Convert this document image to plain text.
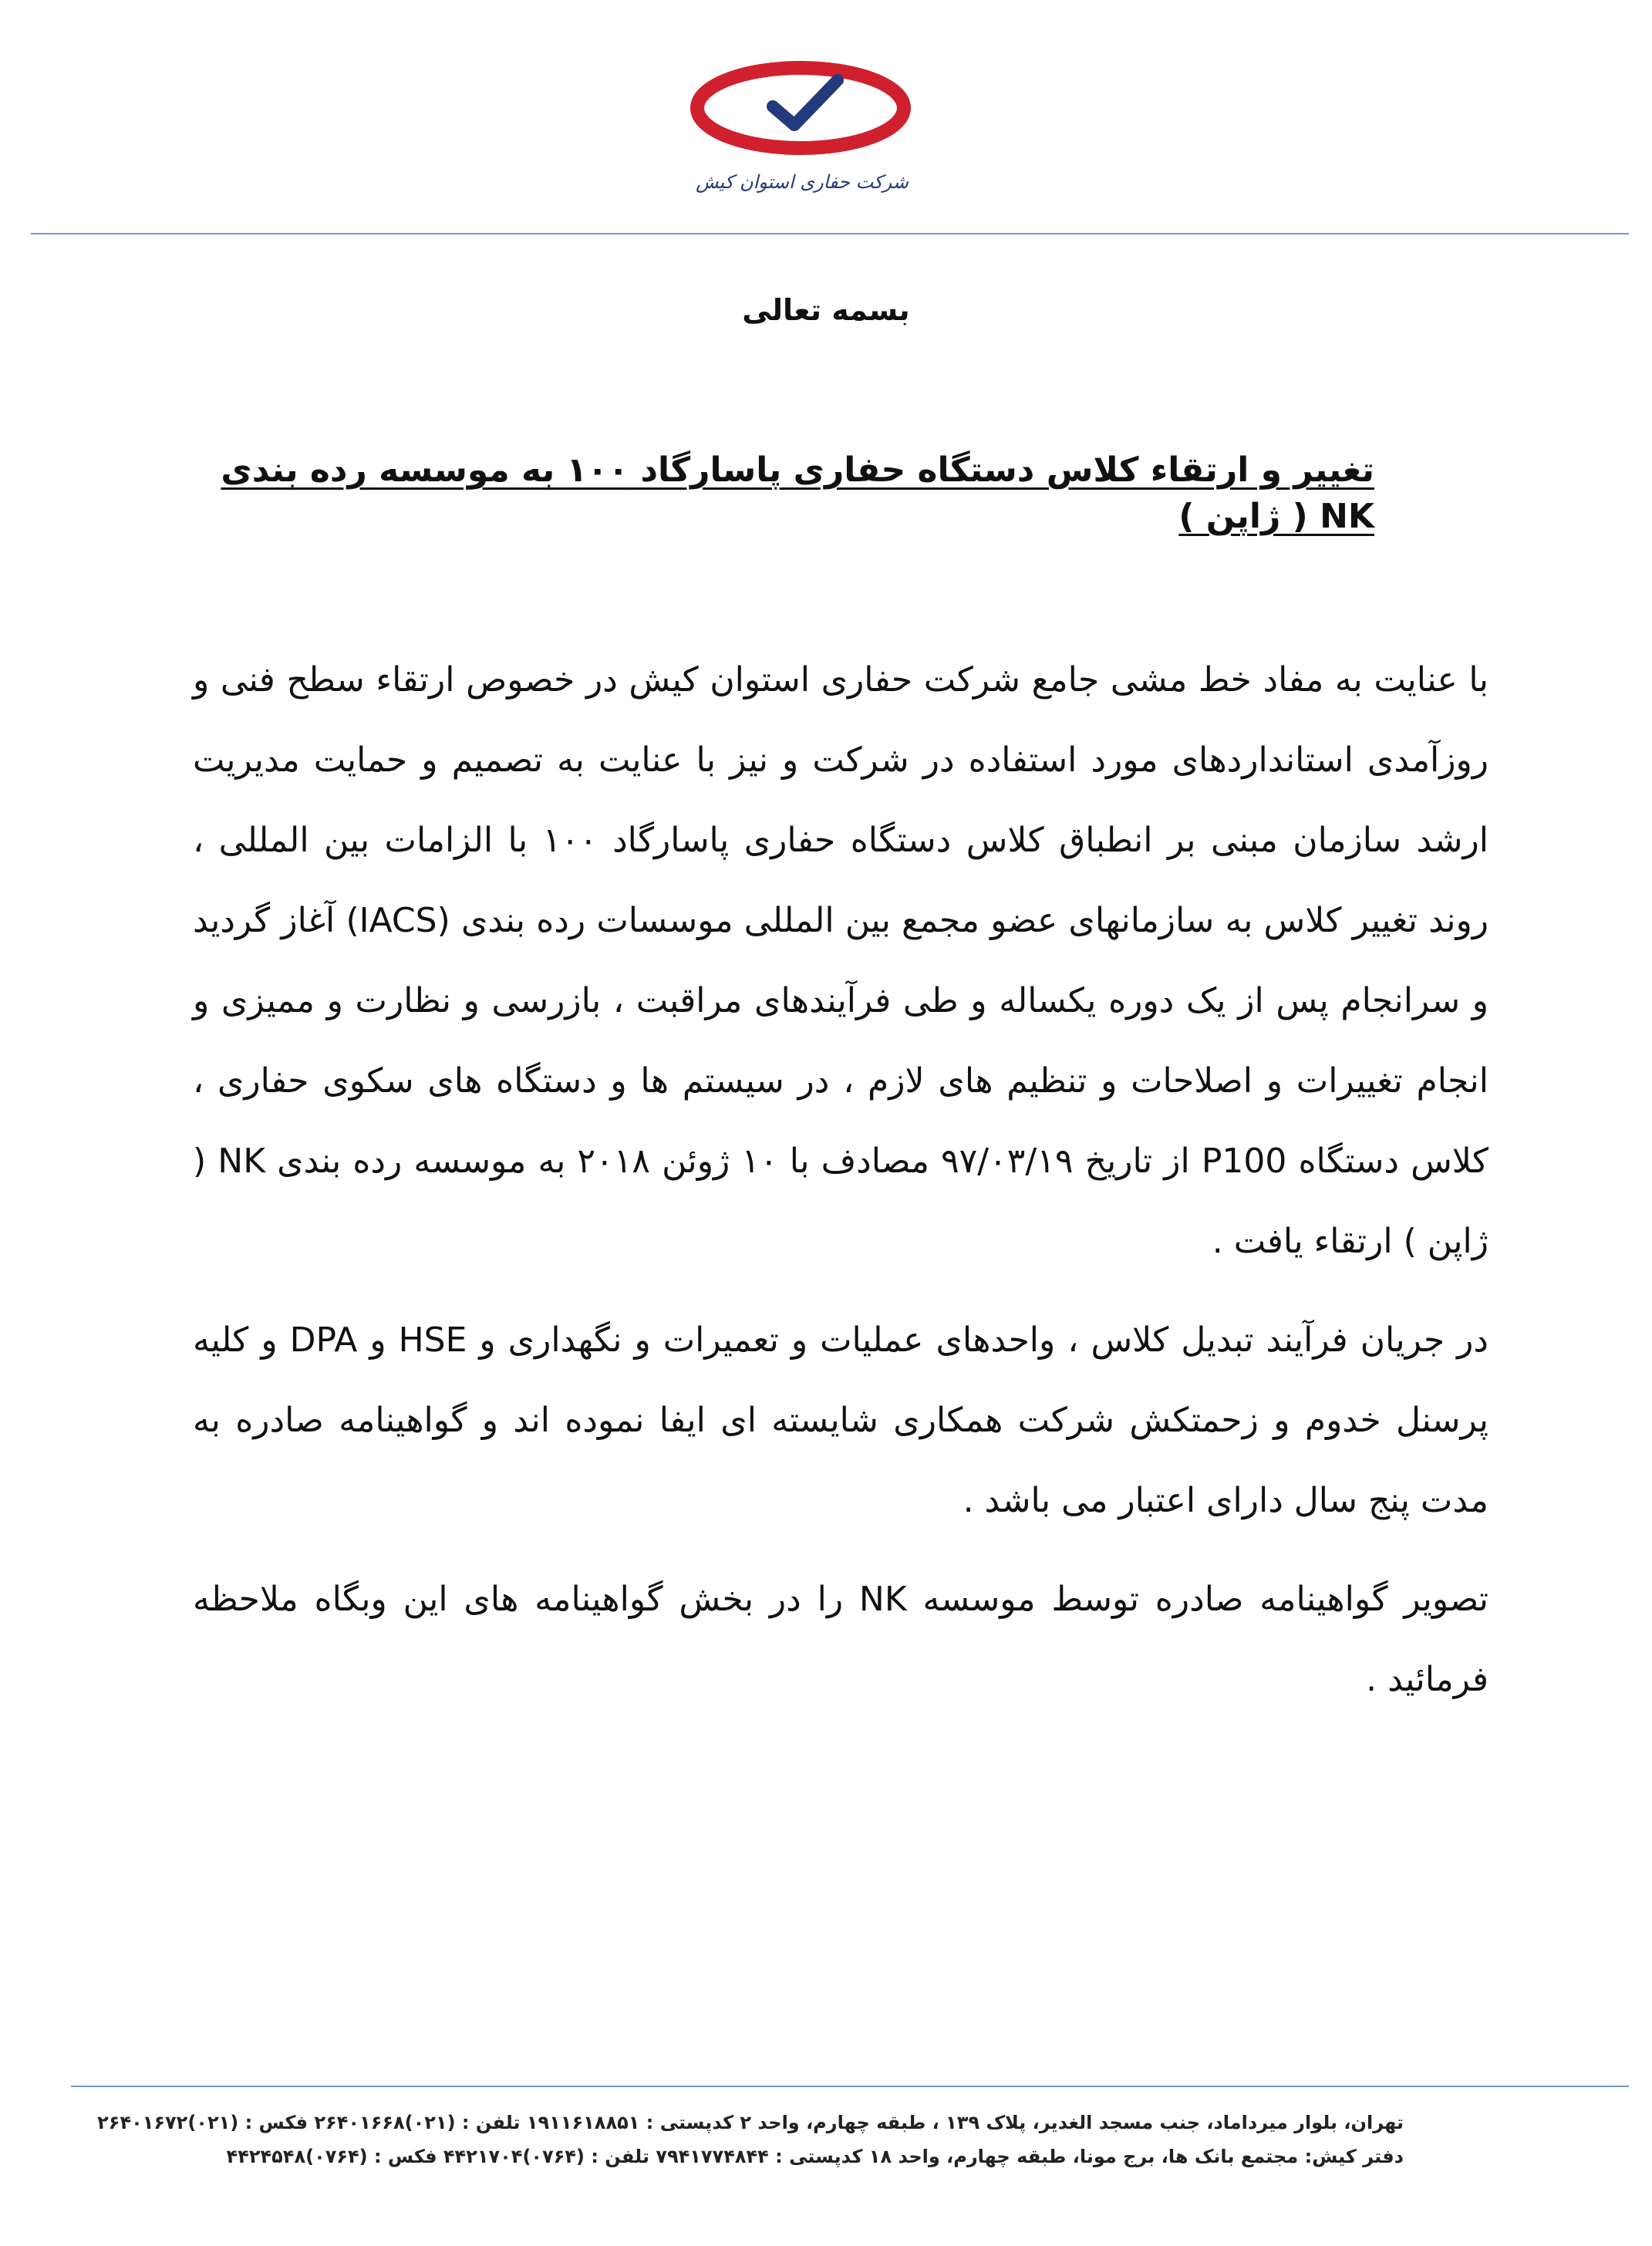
شرکت حفاری استوان کیش
بسمه تعالی
تغییر و ارتقاء کلاس دستگاه حفاری پاسارگاد ۱۰۰ به موسسه رده بندی NK ( ژاپن )

با عنایت به مفاد خط مشی جامع شرکت حفاری استوان کیش در خصوص ارتقاء سطح فنی و روزآمدی استانداردهای مورد استفاده در شرکت و نیز با عنایت به تصمیم و حمایت مدیریت ارشد سازمان مبنی بر انطباق کلاس دستگاه حفاری پاسارگاد ۱۰۰ با الزامات بین المللی ، روند تغییر کلاس به سازمانهای عضو مجمع بین المللی موسسات رده بندی (IACS) آغاز گردید و سرانجام پس از یک دوره یکساله و طی فرآیندهای مراقبت ، بازرسی و نظارت و ممیزی و انجام تغییرات و اصلاحات و تنظیم های لازم ، در سیستم ها و دستگاه های سکوی حفاری ، کلاس دستگاه P100 از تاریخ ۹۷/۰۳/۱۹ مصادف با ۱۰ ژوئن ۲۰۱۸ به موسسه رده بندی NK ( ژاپن ) ارتقاء یافت .

در جریان فرآیند تبدیل کلاس ، واحدهای عملیات و تعمیرات و نگهداری و HSE و DPA و کلیه پرسنل خدوم و زحمتکش شرکت همکاری شایسته ای ایفا نموده اند و گواهینامه صادره به مدت پنج سال دارای اعتبار می باشد .

تصویر گواهینامه صادره توسط موسسه NK را در بخش گواهینامه های این وبگاه ملاحظه فرمائید .

تهران، بلوار میرداماد، جنب مسجد الغدیر، پلاک ۱۳۹ ، طبقه چهارم، واحد ۲ کدپستی : ۱۹۱۱۶۱۸۸۵۱ تلفن : (۰۲۱)۲۶۴۰۱۶۶۸ فکس : (۰۲۱)۲۶۴۰۱۶۷۲
دفتر کیش: مجتمع بانک ها، برج مونا، طبقه چهارم، واحد ۱۸ کدپستی : ۷۹۴۱۷۷۴۸۴۴ تلفن : (۰۷۶۴)۴۴۲۱۷۰۴ فکس : (۰۷۶۴)۴۴۲۴۵۴۸
